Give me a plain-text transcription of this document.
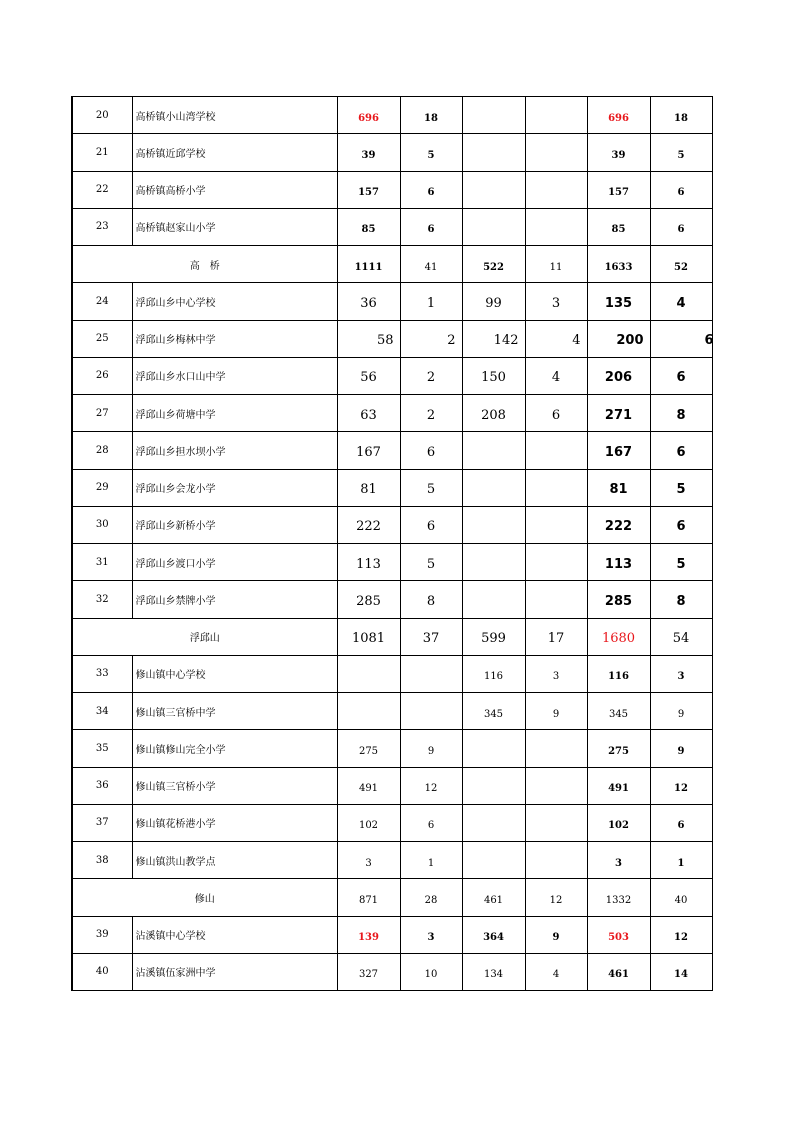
20	高桥镇小山湾学校	696	18			696	18
21	高桥镇近邱学校	39	5			39	5
22	高桥镇高桥小学	157	6			157	6
23	高桥镇赵家山小学	85	6			85	6
高　桥		1111	41	522	11	1633	52
24	浮邱山乡中心学校	36	1	99	3	135	4
25	浮邱山乡梅林中学	58	2	142	4	200	6
26	浮邱山乡水口山中学	56	2	150	4	206	6
27	浮邱山乡荷塘中学	63	2	208	6	271	8
28	浮邱山乡担水坝小学	167	6			167	6
29	浮邱山乡会龙小学	81	5			81	5
30	浮邱山乡新桥小学	222	6			222	6
31	浮邱山乡渡口小学	113	5			113	5
32	浮邱山乡禁牌小学	285	8			285	8
浮邱山		1081	37	599	17	1680	54
33	修山镇中心学校			116	3	116	3
34	修山镇三官桥中学			345	9	345	9
35	修山镇修山完全小学	275	9			275	9
36	修山镇三官桥小学	491	12			491	12
37	修山镇花桥港小学	102	6			102	6
38	修山镇洪山教学点	3	1			3	1
修山		871	28	461	12	1332	40
39	沾溪镇中心学校	139	3	364	9	503	12
40	沾溪镇伍家洲中学	327	10	134	4	461	14
